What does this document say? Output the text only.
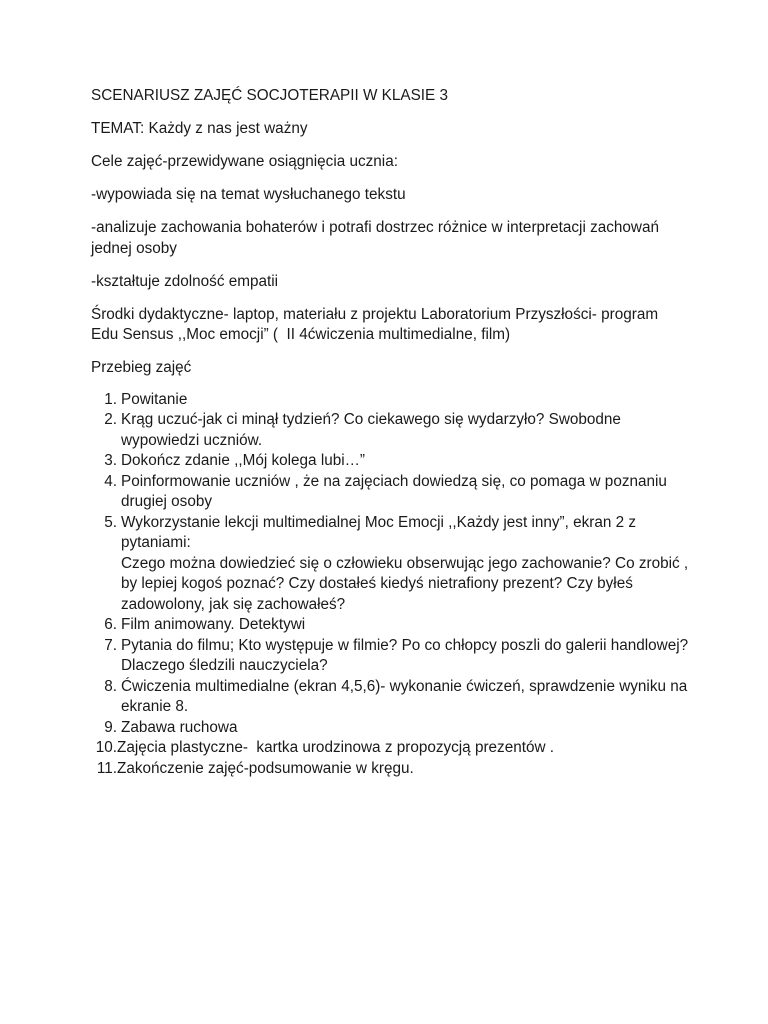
SCENARIUSZ ZAJĘĆ SOCJOTERAPII W KLASIE 3

TEMAT: Każdy z nas jest ważny

Cele zajęć-przewidywane osiągnięcia ucznia:

-wypowiada się na temat wysłuchanego tekstu

-analizuje zachowania bohaterów i potrafi dostrzec różnice w interpretacji zachowań  jednej osoby

-kształtuje zdolność empatii

Środki dydaktyczne- laptop, materiału z projektu Laboratorium Przyszłości- program  Edu Sensus ,,Moc emocji” (  II 4ćwiczenia multimedialne, film)

Przebieg zajęć

1. Powitanie
2. Krąg uczuć-jak ci minął tydzień? Co ciekawego się wydarzyło? Swobodne wypowiedzi uczniów.
3. Dokończ zdanie ,,Mój kolega lubi…”
4. Poinformowanie uczniów , że na zajęciach dowiedzą się, co pomaga w poznaniu drugiej osoby
5. Wykorzystanie lekcji multimedialnej Moc Emocji ,,Każdy jest inny”, ekran 2 z pytaniami:
Czego można dowiedzieć się o człowieku obserwując jego zachowanie? Co zrobić , by lepiej kogoś poznać? Czy dostałeś kiedyś nietrafiony prezent? Czy byłeś zadowolony, jak się zachowałeś?
6. Film animowany. Detektywi
7. Pytania do filmu; Kto występuje w filmie? Po co chłopcy poszli do galerii handlowej? Dlaczego śledzili nauczyciela?
8. Ćwiczenia multimedialne (ekran 4,5,6)- wykonanie ćwiczeń, sprawdzenie wyniku na ekranie 8.
9. Zabawa ruchowa
10. Zajęcia plastyczne-  kartka urodzinowa z propozycją prezentów .
11. Zakończenie zajęć-podsumowanie w kręgu.
